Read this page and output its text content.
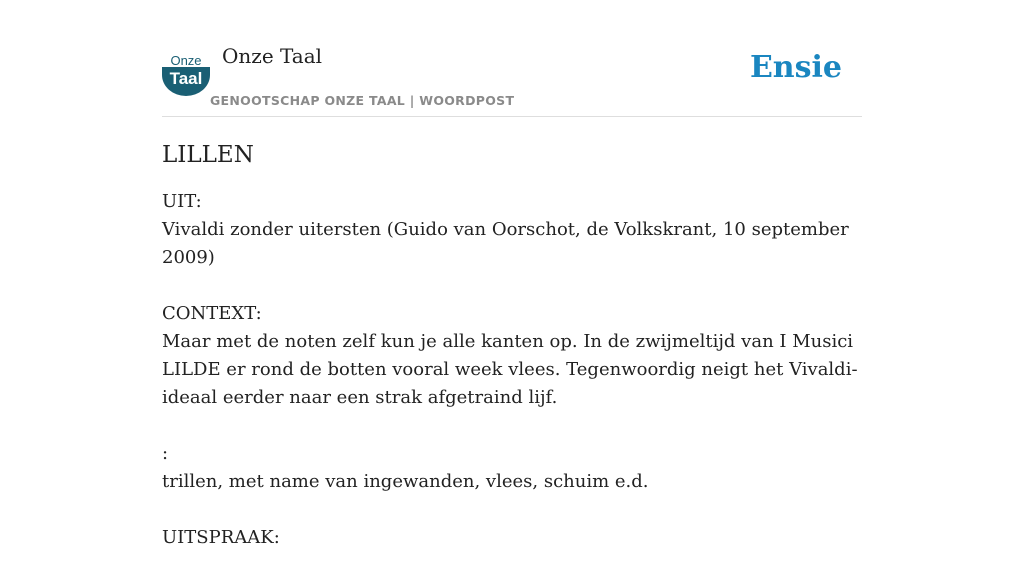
Onze
Taal
Onze Taal
GENOOTSCHAP ONZE TAAL | WOORDPOST
Ensie
LILLEN

UIT:

Vivaldi zonder uitersten (Guido van Oorschot, de Volkskrant, 10 september 2009)

CONTEXT:

Maar met de noten zelf kun je alle kanten op. In de zwijmeltijd van I Musici

LILDE er rond de botten vooral week vlees. Tegenwoordig neigt het Vivaldi-

ideaal eerder naar een strak afgetraind lijf.

:

trillen, met name van ingewanden, vlees, schuim e.d.

UITSPRAAK:
